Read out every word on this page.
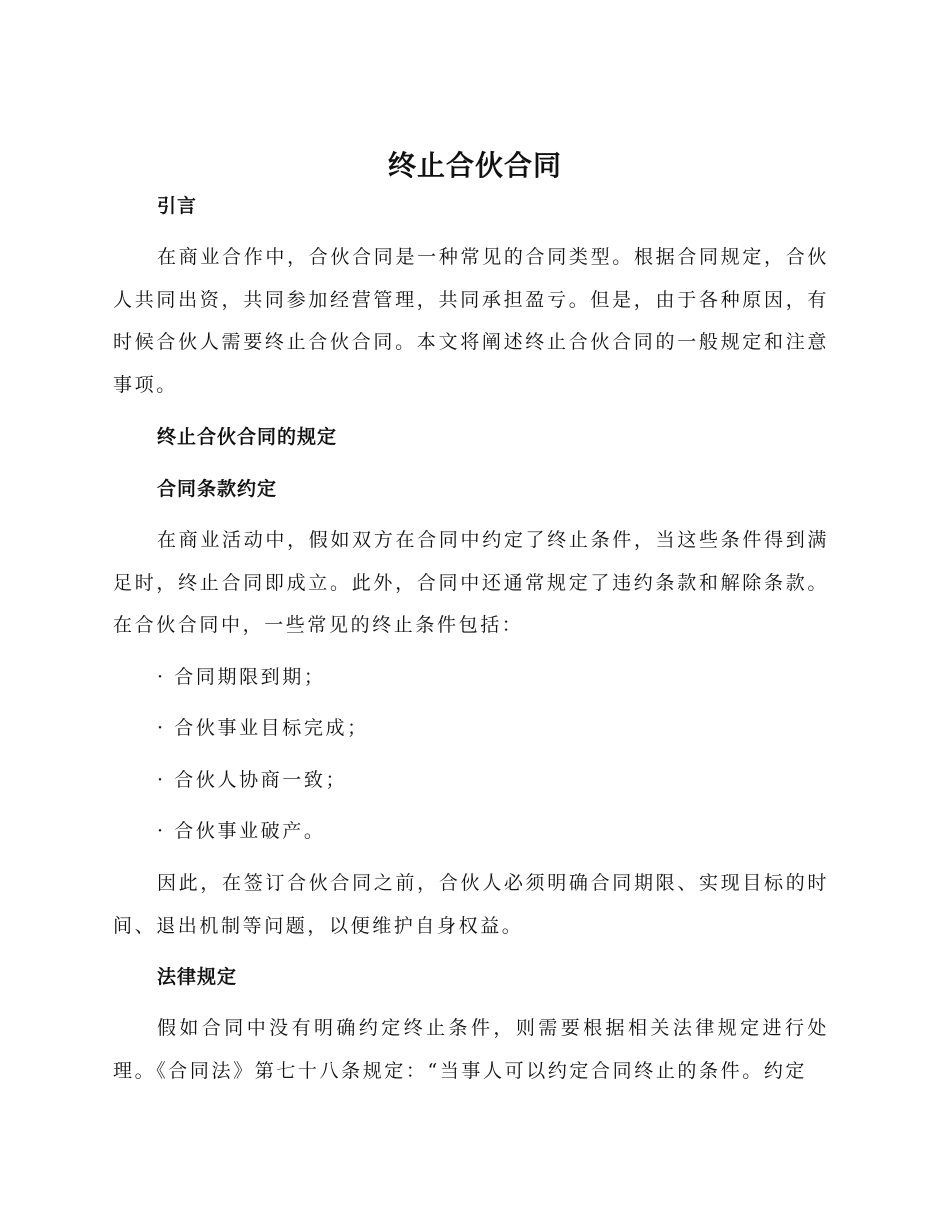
终止合伙合同
引言

在商业合作中，合伙合同是一种常见的合同类型。根据合同规定，合伙人共同出资，共同参加经营管理，共同承担盈亏。但是，由于各种原因，有时候合伙人需要终止合伙合同。本文将阐述终止合伙合同的一般规定和注意事项。

终止合伙合同的规定
合同条款约定

在商业活动中，假如双方在合同中约定了终止条件，当这些条件得到满足时，终止合同即成立。此外，合同中还通常规定了违约条款和解除条款。在合伙合同中，一些常见的终止条件包括：

· 合同期限到期；

· 合伙事业目标完成；

· 合伙人协商一致；

· 合伙事业破产。

因此，在签订合伙合同之前，合伙人必须明确合同期限、实现目标的时间、退出机制等问题，以便维护自身权益。

法律规定

假如合同中没有明确约定终止条件，则需要根据相关法律规定进行处理。《合同法》第七十八条规定：“当事人可以约定合同终止的条件。约定
